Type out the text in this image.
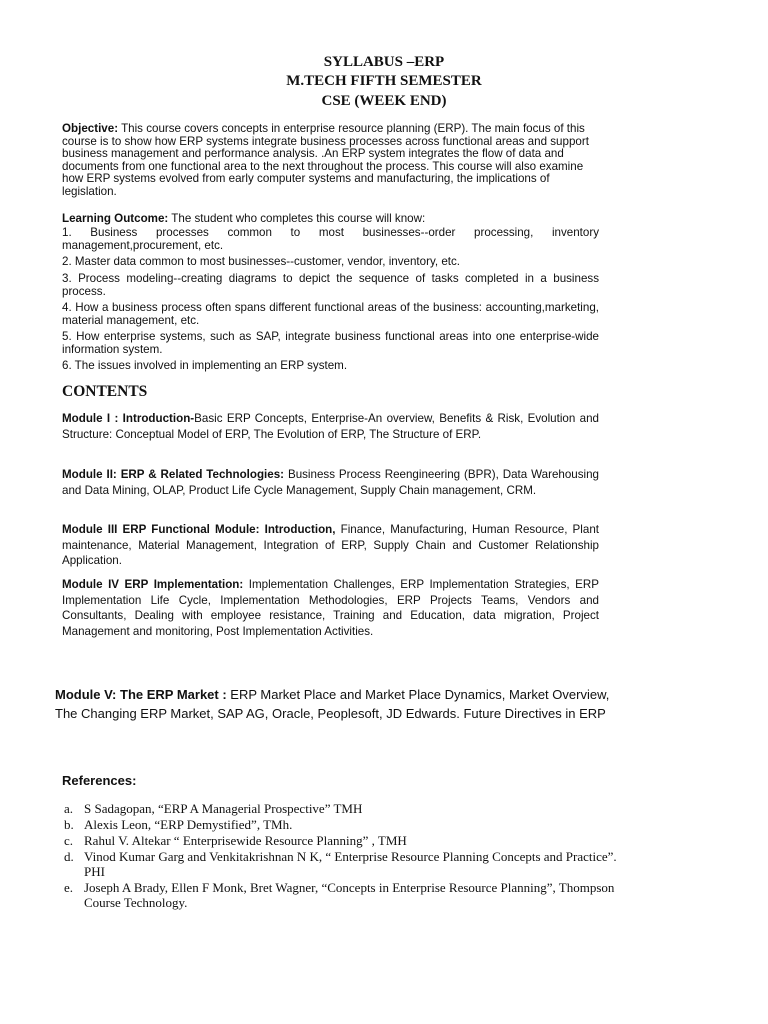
SYLLABUS –ERP
M.TECH FIFTH SEMESTER
CSE (WEEK END)
Objective: This course covers concepts in enterprise resource planning (ERP). The main focus of this course is to show how ERP systems integrate business processes across functional areas and support business management and performance analysis. .An ERP system integrates the flow of data and documents from one functional area to the next throughout the process. This course will also examine how ERP systems evolved from early computer systems and manufacturing, the implications of legislation.
Learning Outcome: The student who completes this course will know:
1. Business processes common to most businesses--order processing, inventory management,procurement, etc.
2. Master data common to most businesses--customer, vendor, inventory, etc.
3. Process modeling--creating diagrams to depict the sequence of tasks completed in a business process.
4. How a business process often spans different functional areas of the business: accounting,marketing, material management, etc.
5. How enterprise systems, such as SAP, integrate business functional areas into one enterprise-wide information system.
6. The issues involved in implementing an ERP system.
CONTENTS
Module I : Introduction-Basic ERP Concepts, Enterprise-An overview, Benefits & Risk, Evolution and Structure: Conceptual Model of ERP, The Evolution of ERP, The Structure of ERP.
Module II: ERP & Related Technologies: Business Process Reengineering (BPR), Data Warehousing and Data Mining, OLAP, Product Life Cycle Management, Supply Chain management, CRM.
Module III ERP Functional Module: Introduction, Finance, Manufacturing, Human Resource, Plant maintenance, Material Management, Integration of ERP, Supply Chain and Customer Relationship Application.
Module IV ERP Implementation: Implementation Challenges, ERP Implementation Strategies, ERP Implementation Life Cycle, Implementation Methodologies, ERP Projects Teams, Vendors and Consultants, Dealing with employee resistance, Training and Education, data migration, Project Management and monitoring, Post Implementation Activities.
Module V: The ERP Market : ERP Market Place and Market Place Dynamics, Market Overview, The Changing ERP Market, SAP AG, Oracle, Peoplesoft, JD Edwards. Future Directives in ERP
References:
a. S Sadagopan, “ERP A Managerial Prospective” TMH
b. Alexis Leon, “ERP Demystified”, TMh.
c. Rahul V. Altekar “ Enterprisewide Resource Planning” , TMH
d. Vinod Kumar Garg and Venkitakrishnan N K, “ Enterprise Resource Planning Concepts and Practice”. PHI
e. Joseph A Brady, Ellen F Monk, Bret Wagner, “Concepts in Enterprise Resource Planning”, Thompson Course Technology.
